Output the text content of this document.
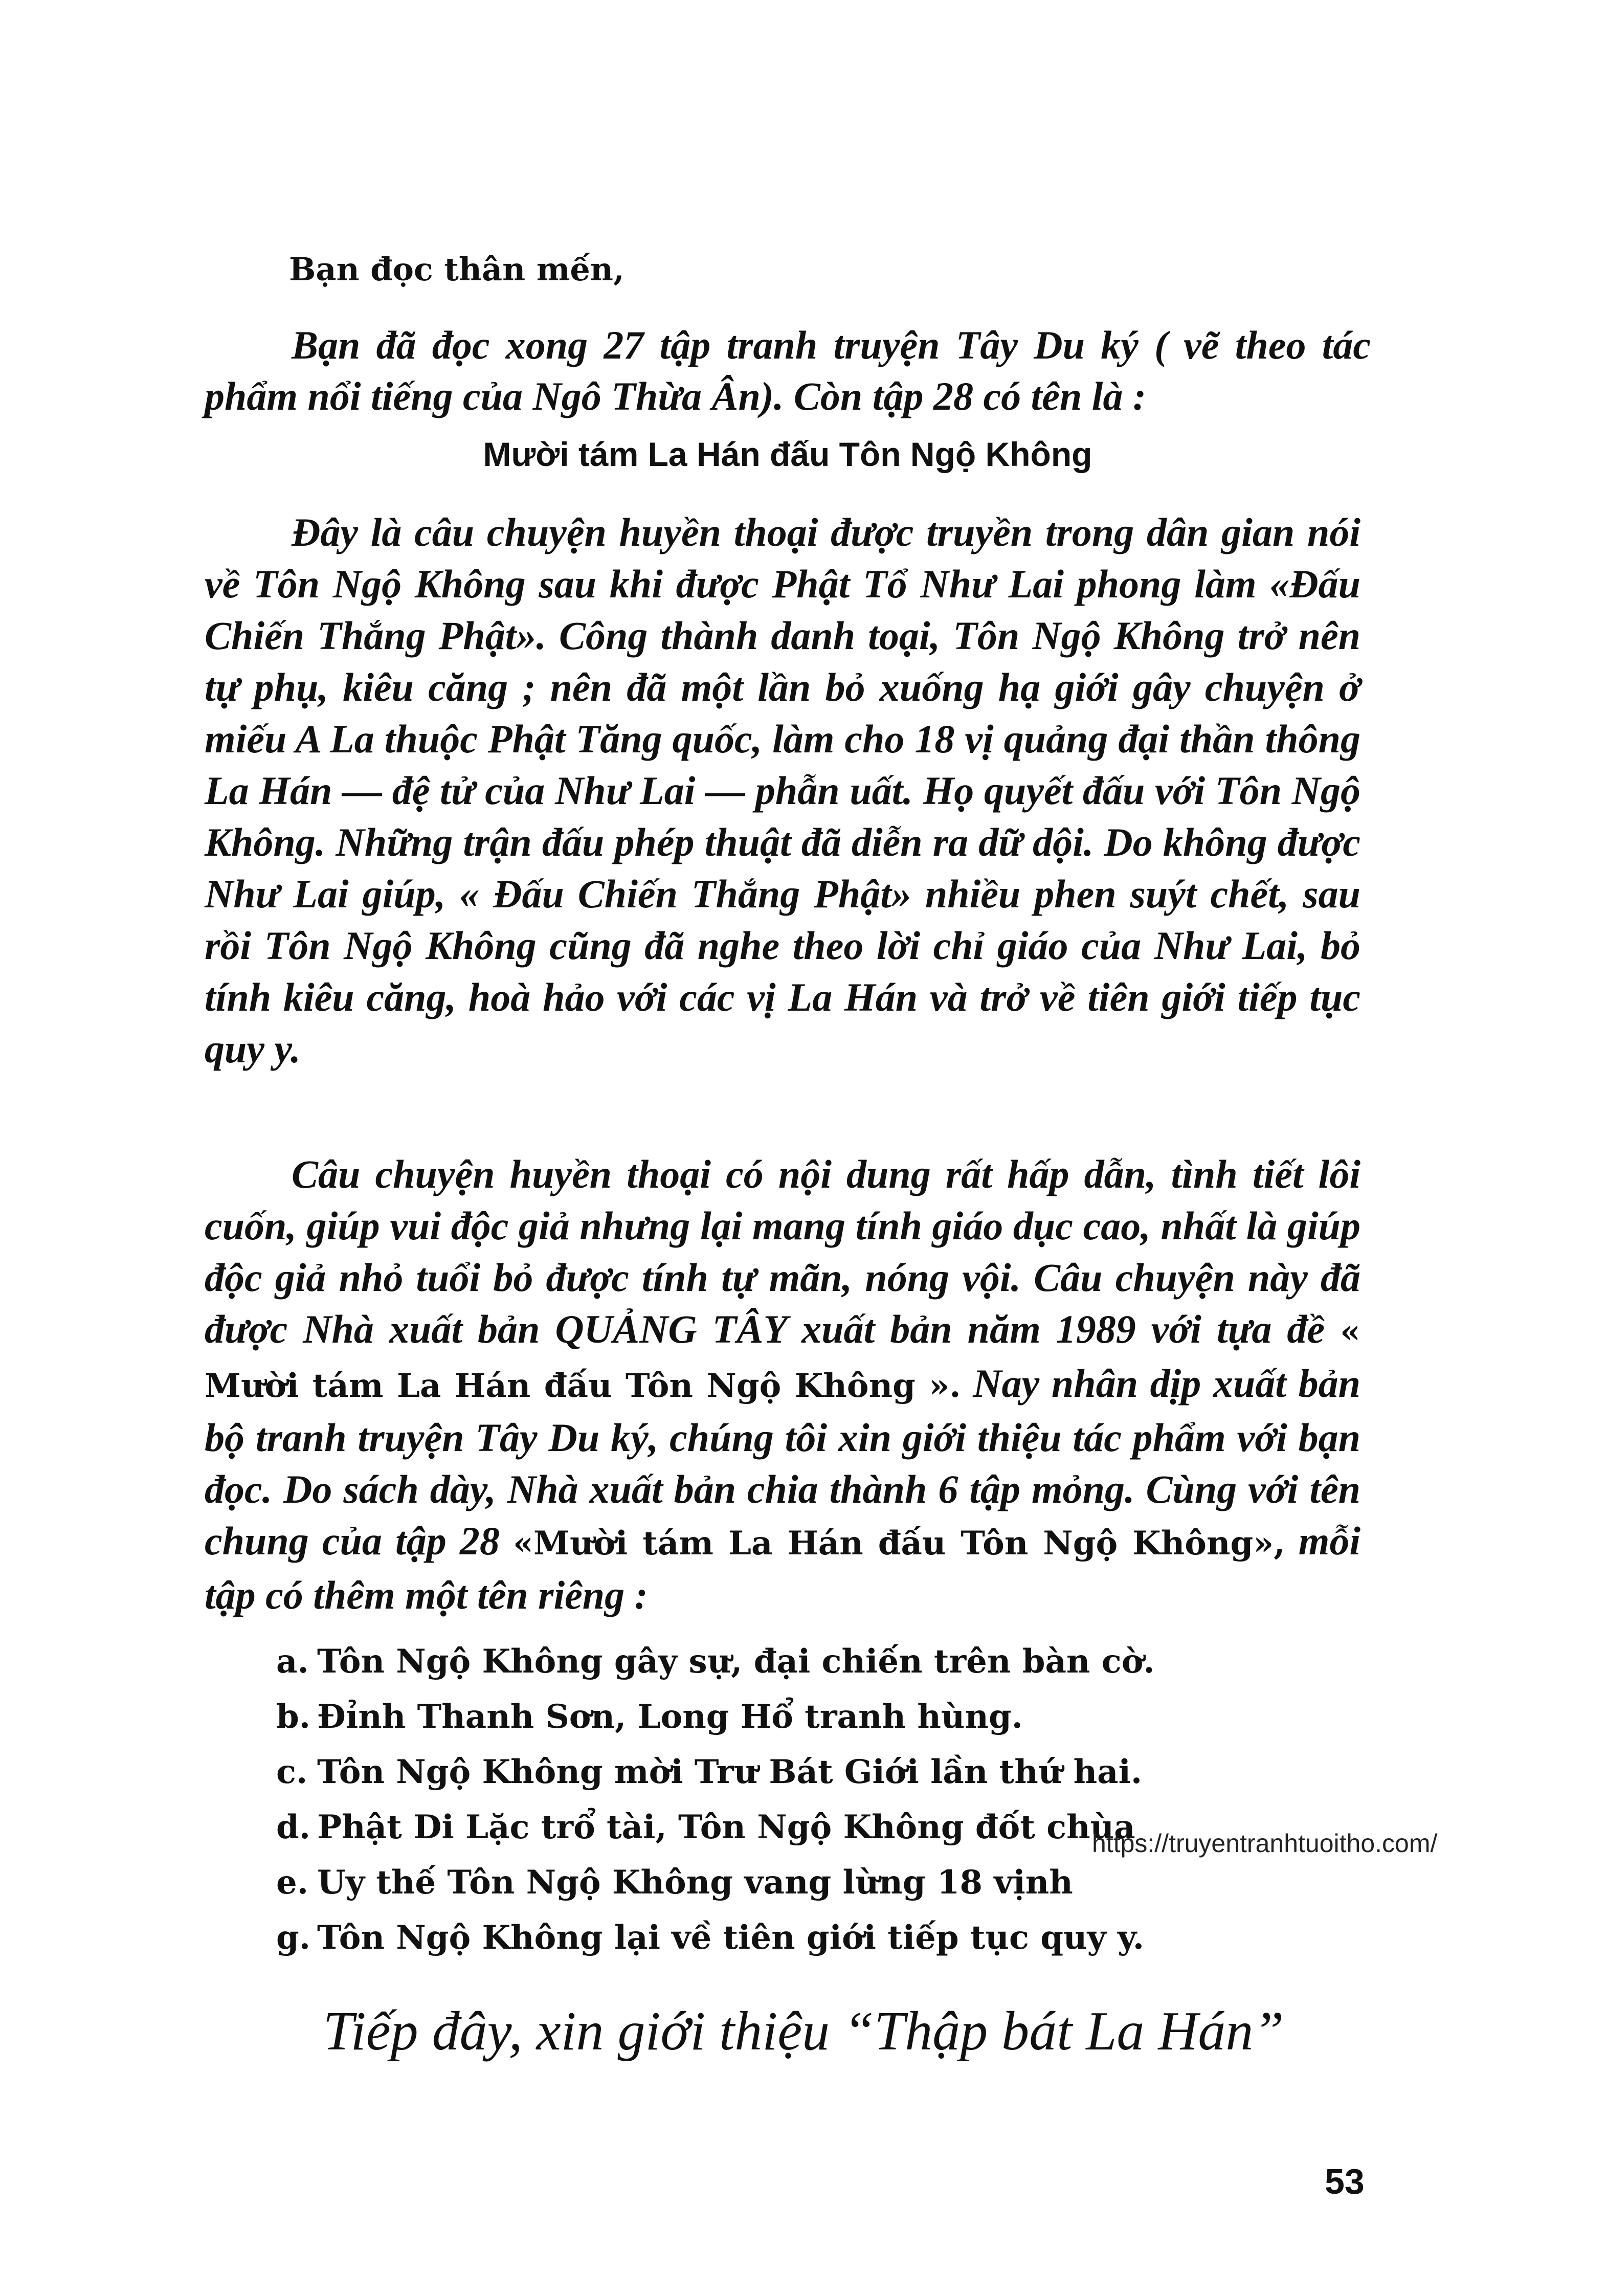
Bạn đọc thân mến,

Bạn đã đọc xong 27 tập tranh truyện Tây Du ký ( vẽ theo tác phẩm nổi tiếng của Ngô Thừa Ân). Còn tập 28 có tên là :

Mười tám La Hán đấu Tôn Ngộ Không

Đây là câu chuyện huyền thoại được truyền trong dân gian nói về Tôn Ngộ Không sau khi được Phật Tổ Như Lai phong làm «Đấu Chiến Thắng Phật». Công thành danh toại, Tôn Ngộ Không trở nên tự phụ, kiêu căng ; nên đã một lần bỏ xuống hạ giới gây chuyện ở miếu A La thuộc Phật Tăng quốc, làm cho 18 vị quảng đại thần thông La Hán — đệ tử của Như Lai — phẫn uất. Họ quyết đấu với Tôn Ngộ Không. Những trận đấu phép thuật đã diễn ra dữ dội. Do không được Như Lai giúp, « Đấu Chiến Thắng Phật» nhiều phen suýt chết, sau rồi Tôn Ngộ Không cũng đã nghe theo lời chỉ giáo của Như Lai, bỏ tính kiêu căng, hoà hảo với các vị La Hán và trở về tiên giới tiếp tục quy y.

Câu chuyện huyền thoại có nội dung rất hấp dẫn, tình tiết lôi cuốn, giúp vui độc giả nhưng lại mang tính giáo dục cao, nhất là giúp độc giả nhỏ tuổi bỏ được tính tự mãn, nóng vội. Câu chuyện này đã được Nhà xuất bản QUẢNG TÂY xuất bản năm 1989 với tựa đề « Mười tám La Hán đấu Tôn Ngộ Không ». Nay nhân dịp xuất bản bộ tranh truyện Tây Du ký, chúng tôi xin giới thiệu tác phẩm với bạn đọc. Do sách dày, Nhà xuất bản chia thành 6 tập mỏng. Cùng với tên chung của tập 28 «Mười tám La Hán đấu Tôn Ngộ Không», mỗi tập có thêm một tên riêng :

a. Tôn Ngộ Không gây sự, đại chiến trên bàn cờ.
b. Đỉnh Thanh Sơn, Long Hổ tranh hùng.
c. Tôn Ngộ Không mời Trư Bát Giới lần thứ hai.
d. Phật Di Lặc trổ tài, Tôn Ngộ Không đốt chùa
e. Uy thế Tôn Ngộ Không vang lừng 18 vịnh
g. Tôn Ngộ Không lại về tiên giới tiếp tục quy y.
https://truyentranhtuoitho.com/
Tiếp đây, xin giới thiệu “Thập bát La Hán”
53
